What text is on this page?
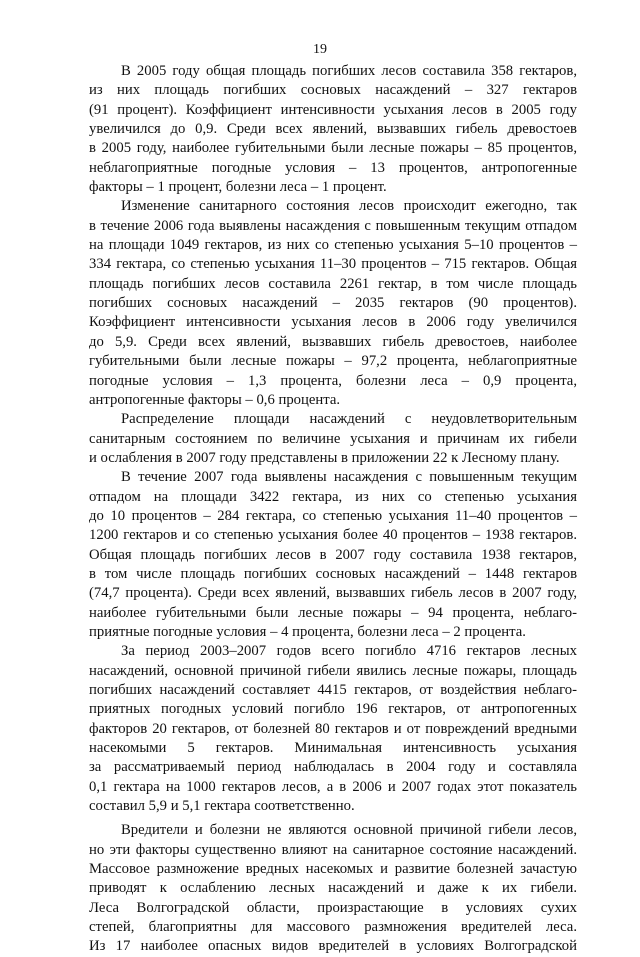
19

В 2005 году общая площадь погибших лесов составила 358 гектаров,
из них площадь погибших сосновых насаждений – 327 гектаров
(91 процент). Коэффициент интенсивности усыхания лесов в 2005 году
увеличился до 0,9. Среди всех явлений, вызвавших гибель древостоев
в 2005 году, наиболее губительными были лесные пожары – 85 процентов,
неблагоприятные погодные условия – 13 процентов, антропогенные
факторы – 1 процент, болезни леса – 1 процент.

Изменение санитарного состояния лесов происходит ежегодно, так
в течение 2006 года выявлены насаждения с повышенным текущим отпадом
на площади 1049 гектаров, из них со степенью усыхания 5–10 процентов –
334 гектара, со степенью усыхания 11–30 процентов – 715 гектаров. Общая
площадь погибших лесов составила 2261 гектар, в том числе площадь
погибших сосновых насаждений – 2035 гектаров (90 процентов).
Коэффициент интенсивности усыхания лесов в 2006 году увеличился
до 5,9. Среди всех явлений, вызвавших гибель древостоев, наиболее
губительными были лесные пожары – 97,2 процента, неблагоприятные
погодные условия – 1,3 процента, болезни леса – 0,9 процента,
антропогенные факторы – 0,6 процента.

Распределение площади насаждений с неудовлетворительным
санитарным состоянием по величине усыхания и причинам их гибели
и ослабления в 2007 году представлены в приложении 22 к Лесному плану.

В течение 2007 года выявлены насаждения с повышенным текущим
отпадом на площади 3422 гектара, из них со степенью усыхания
до 10 процентов – 284 гектара, со степенью усыхания 11–40 процентов –
1200 гектаров и со степенью усыхания более 40 процентов – 1938 гектаров.
Общая площадь погибших лесов в 2007 году составила 1938 гектаров,
в том числе площадь погибших сосновых насаждений – 1448 гектаров
(74,7 процента). Среди всех явлений, вызвавших гибель лесов в 2007 году,
наиболее губительными были лесные пожары – 94 процента, неблаго-
приятные погодные условия – 4 процента, болезни леса – 2 процента.

За период 2003–2007 годов всего погибло 4716 гектаров лесных
насаждений, основной причиной гибели явились лесные пожары, площадь
погибших насаждений составляет 4415 гектаров, от воздействия неблаго-
приятных погодных условий погибло 196 гектаров, от антропогенных
факторов 20 гектаров, от болезней 80 гектаров и от повреждений вредными
насекомыми 5 гектаров. Минимальная интенсивность усыхания
за рассматриваемый период наблюдалась в 2004 году и составляла
0,1 гектара на 1000 гектаров лесов, а в 2006 и 2007 годах этот показатель
составил 5,9 и 5,1 гектара соответственно.

Вредители и болезни не являются основной причиной гибели лесов,
но эти факторы существенно влияют на санитарное состояние насаждений.
Массовое размножение вредных насекомых и развитие болезней зачастую
приводят к ослаблению лесных насаждений и даже к их гибели.
Леса Волгоградской области, произрастающие в условиях сухих
степей, благоприятны для массового размножения вредителей леса.
Из 17 наиболее опасных видов вредителей в условиях Волгоградской
